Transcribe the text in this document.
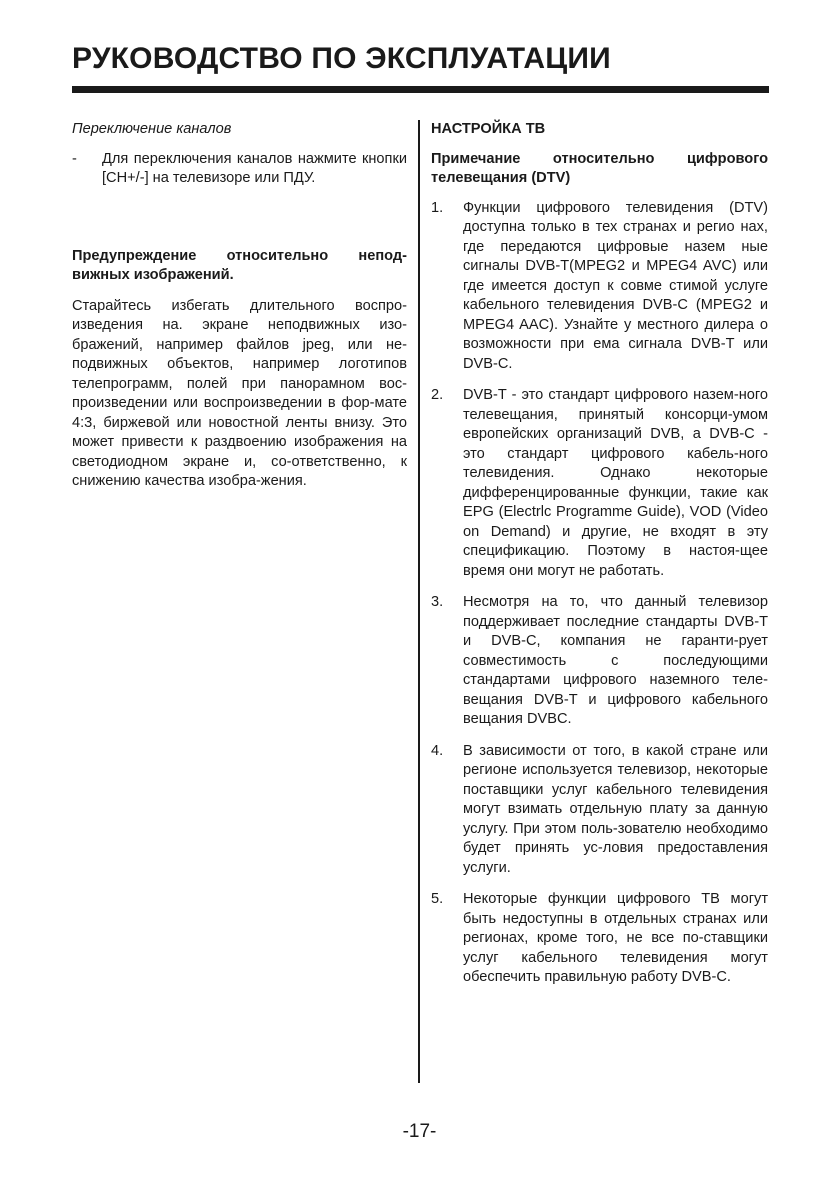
РУКОВОДСТВО ПО ЭКСПЛУАТАЦИИ

Переключение каналов

-	Для переключения каналов нажмите кнопки [CH+/-] на телевизоре или ПДУ.

Предупреждение относительно непод-вижных изображений.

Старайтесь избегать длительного воспро-изведения на. экране неподвижных изо-бражений, например файлов jpeg, или не-подвижных объектов, например логотипов телепрограмм, полей при панорамном вос-произведении или воспроизведении в фор-мате 4:3, биржевой или новостной ленты внизу. Это может привести к раздвоению изображения на светодиодном экране и, со-ответственно, к снижению качества изобра-жения.

НАСТРОЙКА ТВ

Примечание относительно цифрового телевещания (DTV)

1.	Функции цифрового телевидения (DTV) доступна только в тех странах и регио нах, где передаются цифровые назем ные сигналы DVB-T(MPEG2 и MPEG4 AVC) или где имеется доступ к совме стимой услуге кабельного телевидения DVB-C (MPEG2 и MPEG4 AAC). Узнайте у местного дилера о возможности при ема сигнала DVB-T или DVB-C.
2.	DVB-T - это стандарт цифрового назем-ного телевещания, принятый консорци-умом европейских организаций DVB, а DVB-C - это стандарт цифрового кабель-ного телевидения. Однако некоторые дифференцированные функции, такие как EPG (Electrlc Programme Guide), VOD (Video on Demand) и другие, не входят в эту спецификацию. Поэтому в настоя-щее время они могут не работать.
3.	Несмотря на то, что данный телевизор поддерживает последние стандарты DVB-T и DVB-C, компания не гаранти-рует совместимость с последующими стандартами цифрового наземного теле-вещания DVB-T и цифрового кабельного вещания DVBC.
4.	В зависимости от того, в какой стране или регионе используется телевизор, некоторые поставщики услуг кабельного телевидения могут взимать отдельную плату за данную услугу. При этом поль-зователю необходимо будет принять ус-ловия предоставления услуги.
5.	Некоторые функции цифрового ТВ могут быть недоступны в отдельных странах или регионах, кроме того, не все по-ставщики услуг кабельного телевидения могут обеспечить правильную работу DVB-C.
-17-
